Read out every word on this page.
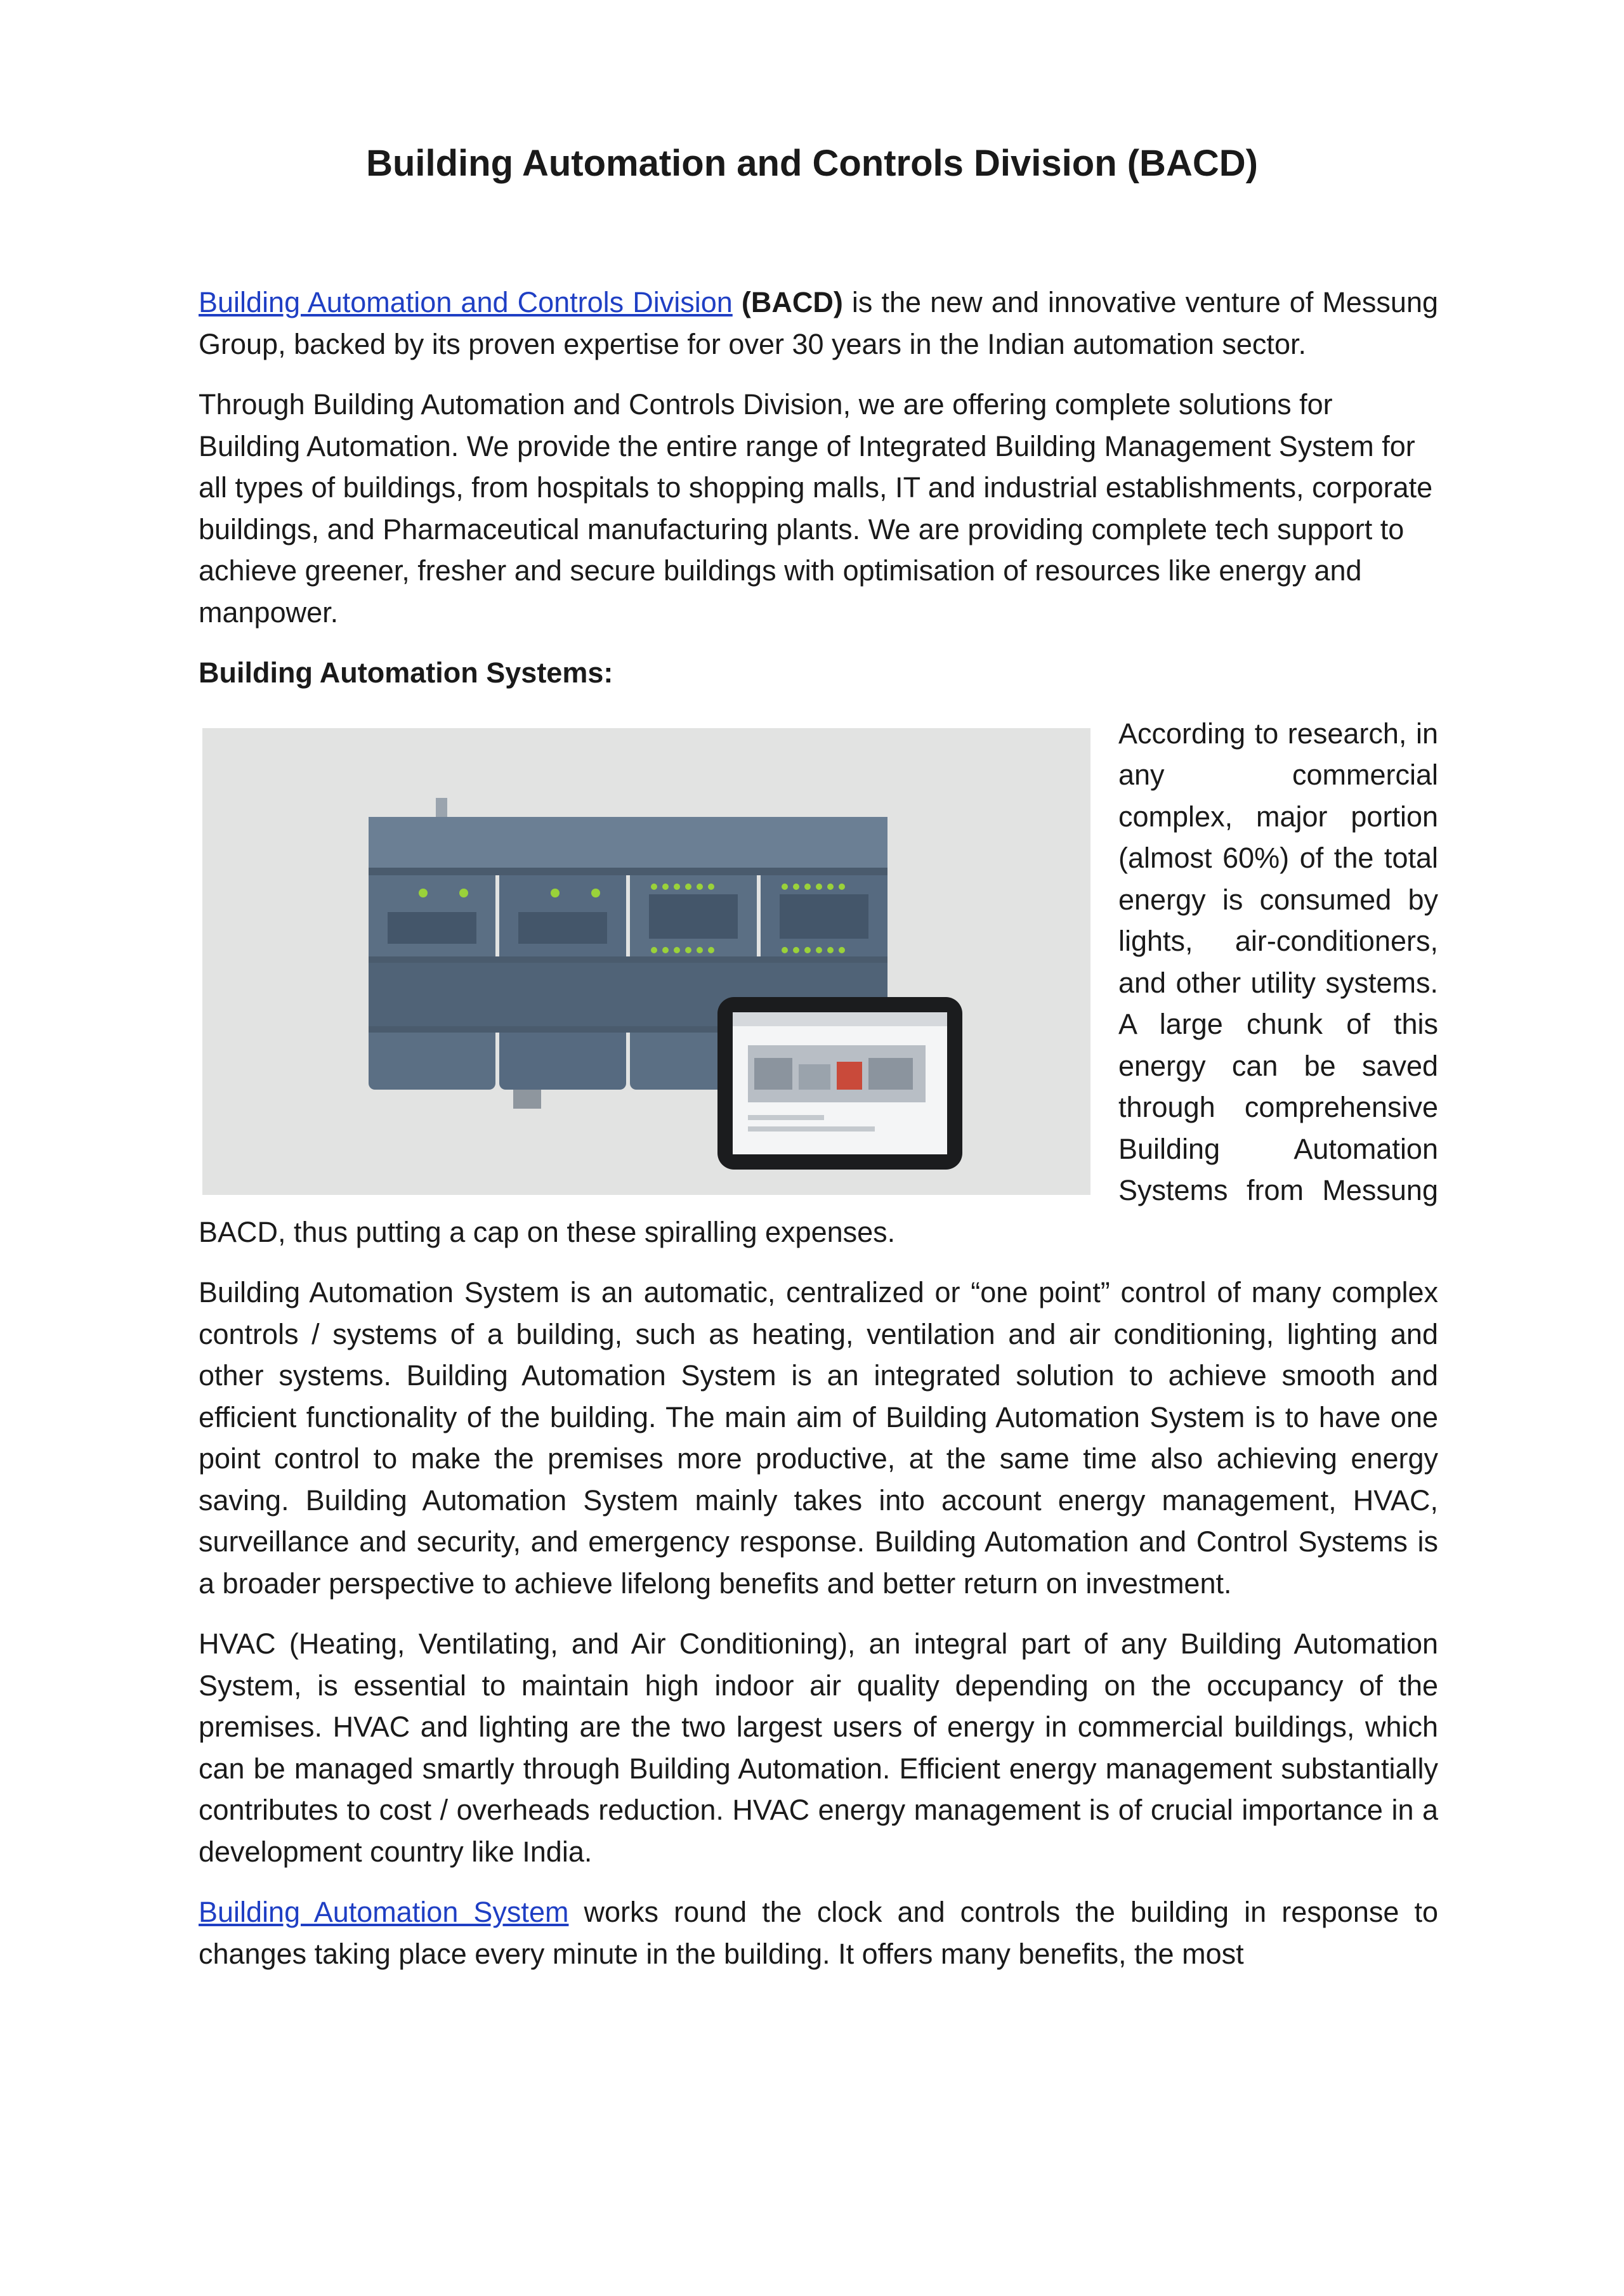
Building Automation and Controls Division (BACD)

Building Automation and Controls Division (BACD) is the new and innovative venture of Messung Group, backed by its proven expertise for over 30 years in the Indian automation sector.

Through Building Automation and Controls Division, we are offering complete solutions for Building Automation. We provide the entire range of Integrated Building Management System for all types of buildings, from hospitals to shopping malls, IT and industrial establishments, corporate buildings, and Pharmaceutical manufacturing plants. We are providing complete tech support to achieve greener, fresher and secure buildings with optimisation of resources like energy and manpower.

Building Automation Systems:

According to research, in any commercial complex, major portion (almost 60%) of the total energy is consumed by lights, air-conditioners, and other utility systems. A large chunk of this energy can be saved through comprehensive Building Automation Systems from Messung BACD, thus putting a cap on these spiralling expenses.

Building Automation System is an automatic, centralized or “one point” control of many complex controls / systems of a building, such as heating, ventilation and air conditioning, lighting and other systems. Building Automation System is an integrated solution to achieve smooth and efficient functionality of the building. The main aim of Building Automation System is to have one point control to make the premises more productive, at the same time also achieving energy saving. Building Automation System mainly takes into account energy management, HVAC, surveillance and security, and emergency response. Building Automation and Control Systems is a broader perspective to achieve lifelong benefits and better return on investment.

HVAC (Heating, Ventilating, and Air Conditioning), an integral part of any Building Automation System, is essential to maintain high indoor air quality depending on the occupancy of the premises. HVAC and lighting are the two largest users of energy in commercial buildings, which can be managed smartly through Building Automation. Efficient energy management substantially contributes to cost / overheads reduction. HVAC energy management is of crucial importance in a development country like India.

Building Automation System works round the clock and controls the building in response to changes taking place every minute in the building. It offers many benefits, the most
